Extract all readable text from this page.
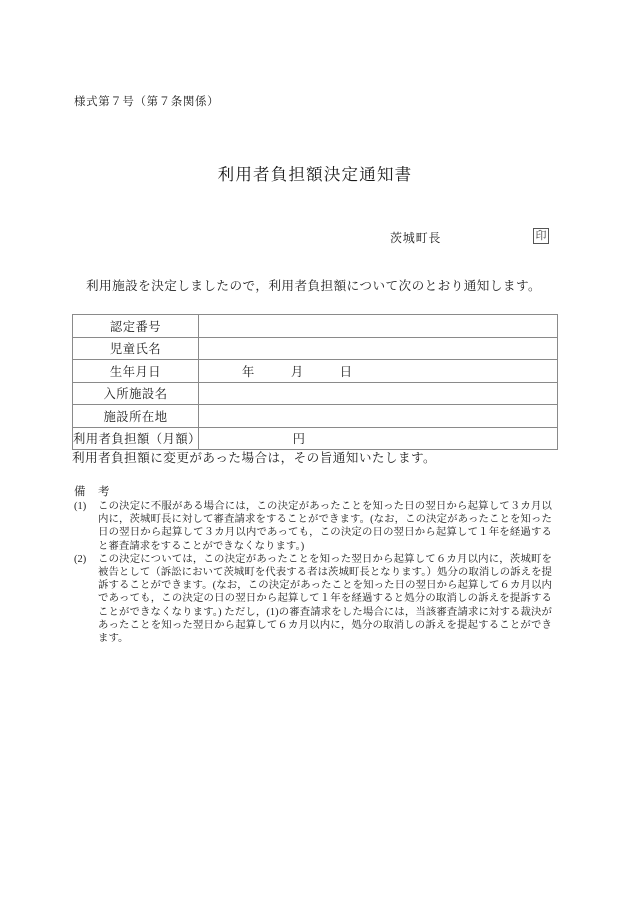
様式第７号（第７条関係）
利用者負担額決定通知書
茨城町長	印
利用施設を決定しましたので，利用者負担額について次のとおり通知します。
認定番号	

児童氏名	

生年月日	年　　月　　日

入所施設名	

施設所在地	

利用者負担額（月額）	円
利用者負担額に変更があった場合は，その旨通知いたします。
備　考
(1) この決定に不服がある場合には，この決定があったことを知った日の翌日から起算して３カ月以内に，茨城町長に対して審査請求をすることができます。(なお，この決定があったことを知った日の翌日から起算して３カ月以内であっても，この決定の日の翌日から起算して１年を経過すると審査請求をすることができなくなります。)
(2) この決定については，この決定があったことを知った翌日から起算して６カ月以内に，茨城町を被告として（訴訟において茨城町を代表する者は茨城町長となります。）処分の取消しの訴えを提訴することができます。(なお，この決定があったことを知った日の翌日から起算して６カ月以内であっても，この決定の日の翌日から起算して１年を経過すると処分の取消しの訴えを提訴することができなくなります。) ただし，(1)の審査請求をした場合には，当該審査請求に対する裁決があったことを知った翌日から起算して６カ月以内に，処分の取消しの訴えを提起することができます。
